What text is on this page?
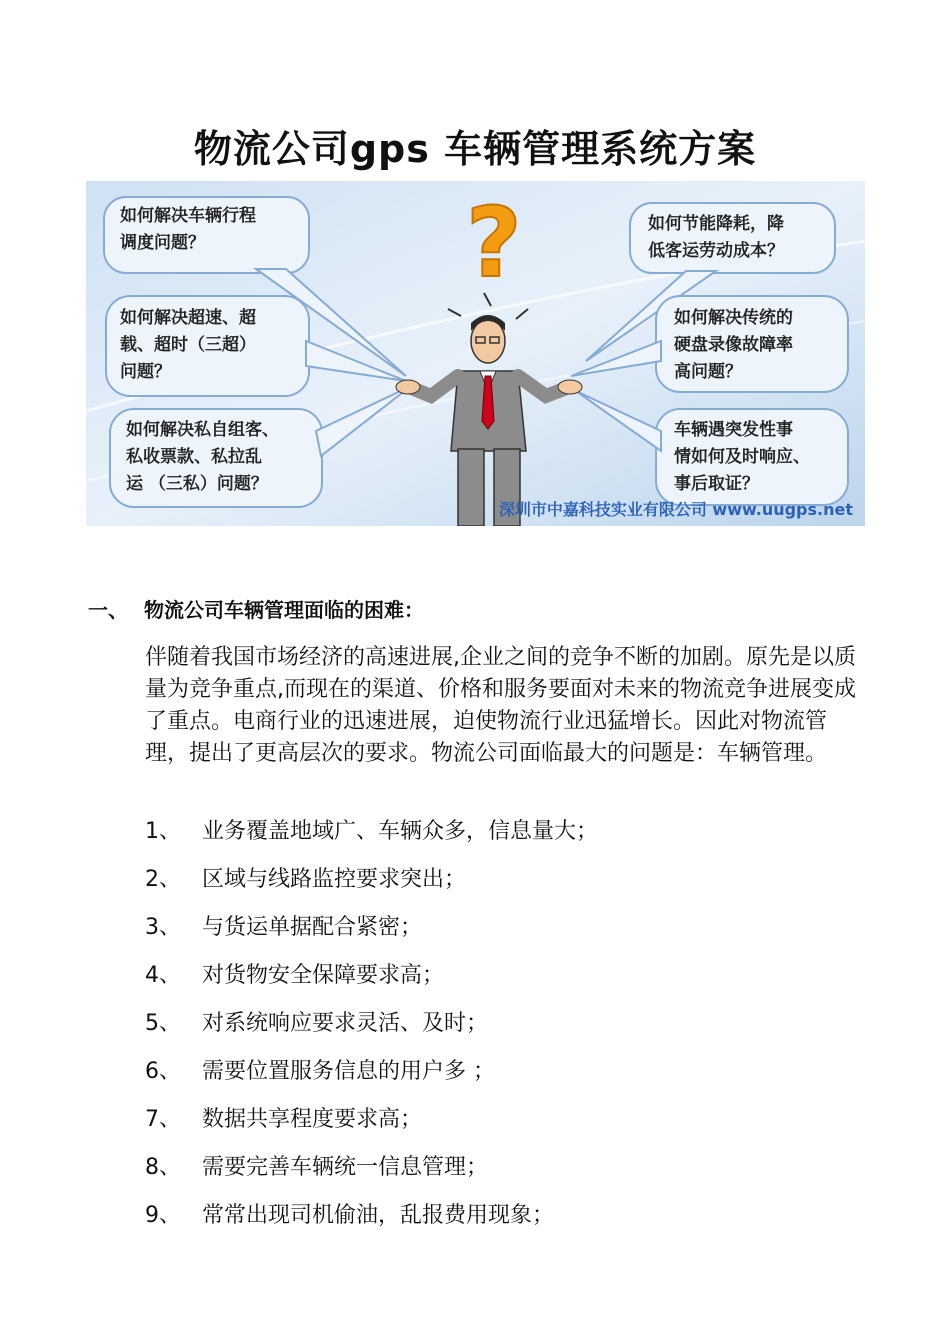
物流公司gps 车辆管理系统方案
?
如何解决车辆行程
调度问题？
如何解决超速、超
载、超时（三超）
问题？
如何解决私自组客、
私收票款、私拉乱
运 （三私）问题？
如何节能降耗，降
低客运劳动成本？
如何解决传统的
硬盘录像故障率
高问题？
车辆遇突发性事
情如何及时响应、
事后取证？
深圳市中嘉科技实业有限公司 www.uugps.net
一、 物流公司车辆管理面临的困难：

伴随着我国市场经济的高速进展,企业之间的竞争不断的加剧。原先是以质量为竞争重点,而现在的渠道、价格和服务要面对未来的物流竞争进展变成了重点。电商行业的迅速进展，迫使物流行业迅猛增长。因此对物流管理，提出了更高层次的要求。物流公司面临最大的问题是：车辆管理。

1、 业务覆盖地域广、车辆众多，信息量大；
2、 区域与线路监控要求突出；
3、 与货运单据配合紧密；
4、 对货物安全保障要求高；
5、 对系统响应要求灵活、及时；
6、 需要位置服务信息的用户多 ；
7、 数据共享程度要求高；
8、 需要完善车辆统一信息管理；
9、 常常出现司机偷油，乱报费用现象；
